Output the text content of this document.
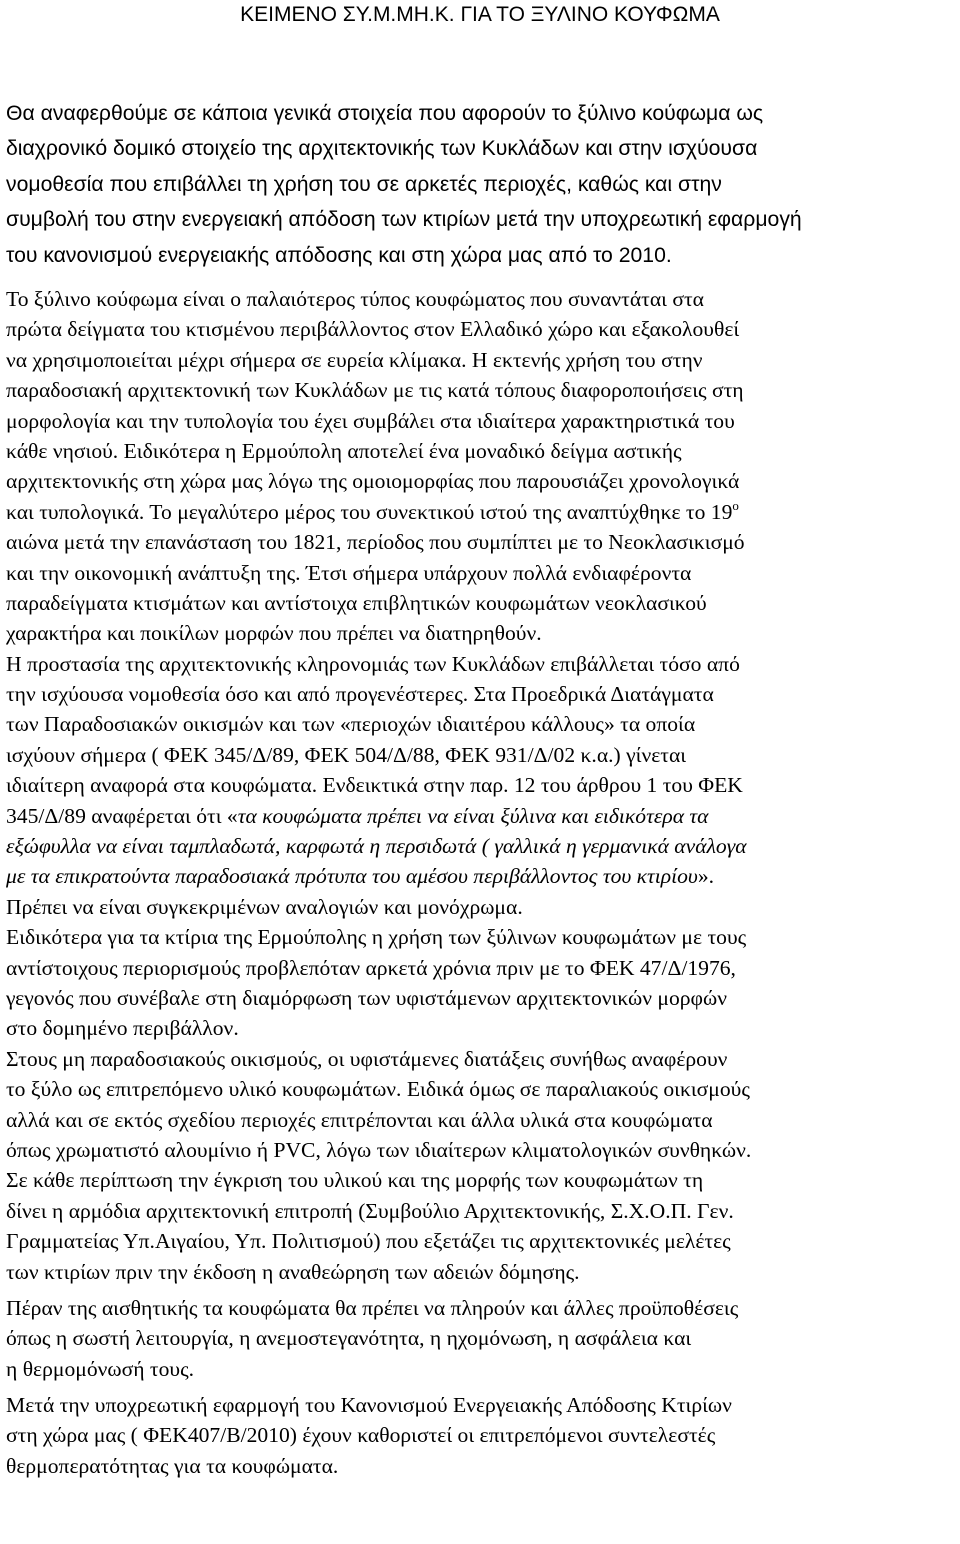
ΚΕΙΜΕΝΟ ΣΥ.Μ.ΜΗ.Κ. ΓΙΑ ΤΟ ΞΥΛΙΝΟ ΚΟΥΦΩΜΑ
Θα αναφερθούμε σε κάποια γενικά στοιχεία που αφορούν το ξύλινο κούφωμα ως
διαχρονικό δομικό στοιχείο της αρχιτεκτονικής των Κυκλάδων και στην ισχύουσα
νομοθεσία που επιβάλλει τη χρήση του σε αρκετές περιοχές, καθώς και στην
συμβολή του στην ενεργειακή απόδοση των κτιρίων μετά την υποχρεωτική εφαρμογή
του κανονισμού ενεργειακής απόδοσης και στη χώρα μας από το 2010.
Το ξύλινο κούφωμα είναι ο παλαιότερος τύπος κουφώματος που συναντάται στα
πρώτα δείγματα του κτισμένου περιβάλλοντος στον Ελλαδικό χώρο και εξακολουθεί
να χρησιμοποιείται μέχρι σήμερα σε ευρεία κλίμακα. Η εκτενής χρήση του στην
παραδοσιακή αρχιτεκτονική των Κυκλάδων με τις κατά τόπους διαφοροποιήσεις στη
μορφολογία και την τυπολογία του έχει συμβάλει στα ιδιαίτερα χαρακτηριστικά του
κάθε νησιού. Ειδικότερα η Ερμούπολη αποτελεί ένα μοναδικό δείγμα αστικής
αρχιτεκτονικής στη χώρα μας λόγω της ομοιομορφίας που παρουσιάζει χρονολογικά
και τυπολογικά. Το μεγαλύτερο μέρος του συνεκτικού ιστού της αναπτύχθηκε το $19^o$
αιώνα μετά την επανάσταση του 1821, περίοδος που συμπίπτει με το Νεοκλασικισμό
και την οικονομική ανάπτυξη της. Έτσι σήμερα υπάρχουν πολλά ενδιαφέροντα
παραδείγματα κτισμάτων και αντίστοιχα επιβλητικών κουφωμάτων νεοκλασικού
χαρακτήρα και ποικίλων μορφών που πρέπει να διατηρηθούν.
Η προστασία της αρχιτεκτονικής κληρονομιάς των Κυκλάδων επιβάλλεται τόσο από
την ισχύουσα νομοθεσία όσο και από προγενέστερες. Στα Προεδρικά Διατάγματα
των Παραδοσιακών οικισμών και των «περιοχών ιδιαιτέρου κάλλους» τα οποία
ισχύουν σήμερα ( ΦΕΚ 345/Δ/89, ΦΕΚ 504/Δ/88, ΦΕΚ 931/Δ/02 κ.α.) γίνεται
ιδιαίτερη αναφορά στα κουφώματα. Ενδεικτικά στην παρ. 12 του άρθρου 1 του ΦΕΚ
345/Δ/89 αναφέρεται ότι «τα κουφώματα πρέπει να είναι ξύλινα και ειδικότερα τα
εξώφυλλα να είναι ταμπλαδωτά, καρφωτά η περσιδωτά ( γαλλικά η γερμανικά ανάλογα
με τα επικρατούντα παραδοσιακά πρότυπα του αμέσου περιβάλλοντος του κτιρίου».
Πρέπει να είναι συγκεκριμένων αναλογιών και μονόχρωμα.
Ειδικότερα για τα κτίρια της Ερμούπολης η χρήση των ξύλινων κουφωμάτων με τους
αντίστοιχους περιορισμούς προβλεπόταν αρκετά χρόνια πριν με το ΦΕΚ 47/Δ/1976,
γεγονός που συνέβαλε στη διαμόρφωση των υφιστάμενων αρχιτεκτονικών μορφών
στο δομημένο περιβάλλον.
Στους μη παραδοσιακούς οικισμούς, οι υφιστάμενες διατάξεις συνήθως αναφέρουν
το ξύλο ως επιτρεπόμενο υλικό κουφωμάτων. Ειδικά όμως σε παραλιακούς οικισμούς
αλλά και σε εκτός σχεδίου περιοχές επιτρέπονται και άλλα υλικά στα κουφώματα
όπως χρωματιστό αλουμίνιο ή PVC, λόγω των ιδιαίτερων κλιματολογικών συνθηκών.
Σε κάθε περίπτωση την έγκριση του υλικού και της μορφής των κουφωμάτων τη
δίνει η αρμόδια αρχιτεκτονική επιτροπή (Συμβούλιο Αρχιτεκτονικής, Σ.Χ.Ο.Π. Γεν.
Γραμματείας Υπ.Αιγαίου, Υπ. Πολιτισμού) που εξετάζει τις αρχιτεκτονικές μελέτες
των κτιρίων πριν την έκδοση η αναθεώρηση των αδειών δόμησης.
Πέραν της αισθητικής τα κουφώματα θα πρέπει να πληρούν και άλλες προϋποθέσεις
όπως η σωστή λειτουργία, η ανεμοστεγανότητα, η ηχομόνωση, η ασφάλεια και
η θερμομόνωσή τους.
Μετά την υποχρεωτική εφαρμογή του Κανονισμού Ενεργειακής Απόδοσης Κτιρίων
στη χώρα μας ( ΦΕΚ407/Β/2010) έχουν καθοριστεί οι επιτρεπόμενοι συντελεστές
θερμοπερατότητας για τα κουφώματα.
